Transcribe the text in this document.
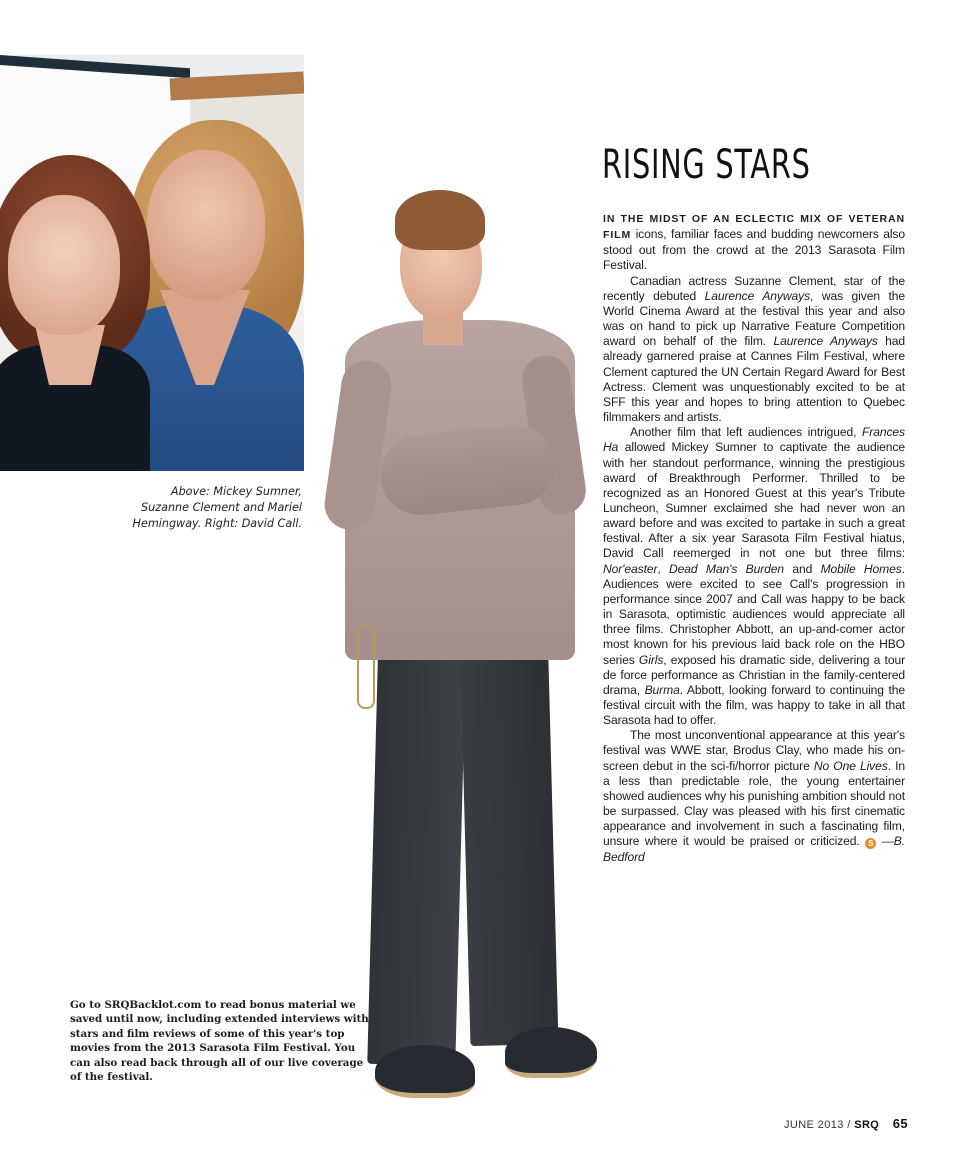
Above: Mickey Sumner, Suzanne Clement and Mariel Hemingway. Right: David Call.
RISING STARS

IN THE MIDST OF AN ECLECTIC MIX OF VETERAN FILM icons, familiar faces and budding newcomers also stood out from the crowd at the 2013 Sarasota Film Festival.

Canadian actress Suzanne Clement, star of the recently debuted Laurence Anyways, was given the World Cinema Award at the festival this year and also was on hand to pick up Narrative Feature Competition award on behalf of the film. Laurence Anyways had already garnered praise at Cannes Film Festival, where Clement captured the UN Certain Regard Award for Best Actress. Clement was unquestionably excited to be at SFF this year and hopes to bring attention to Quebec filmmakers and artists.

Another film that left audiences intrigued, Frances Ha allowed Mickey Sumner to captivate the audience with her standout performance, winning the prestigious award of Breakthrough Performer. Thrilled to be recognized as an Honored Guest at this year's Tribute Luncheon, Sumner exclaimed she had never won an award before and was excited to partake in such a great festival. After a six year Sarasota Film Festival hiatus, David Call reemerged in not one but three films: Nor'easter, Dead Man's Burden and Mobile Homes. Audiences were excited to see Call's progression in performance since 2007 and Call was happy to be back in Sarasota, optimistic audiences would appreciate all three films. Christopher Abbott, an up-and-comer actor most known for his previous laid back role on the HBO series Girls, exposed his dramatic side, delivering a tour de force performance as Christian in the family-centered drama, Burma. Abbott, looking forward to continuing the festival circuit with the film, was happy to take in all that Sarasota had to offer.

The most unconventional appearance at this year's festival was WWE star, Brodus Clay, who made his on-screen debut in the sci-fi/horror picture No One Lives. In a less than predictable role, the young entertainer showed audiences why his punishing ambition should not be surpassed. Clay was pleased with his first cinematic appearance and involvement in such a fascinating film, unsure where it would be praised or criticized. S —B. Bedford

Go to SRQBacklot.com to read bonus material we saved until now, including extended interviews with stars and film reviews of some of this year's top movies from the 2013 Sarasota Film Festival. You can also read back through all of our live coverage of the festival.
JUNE 2013 / SRQ 65
